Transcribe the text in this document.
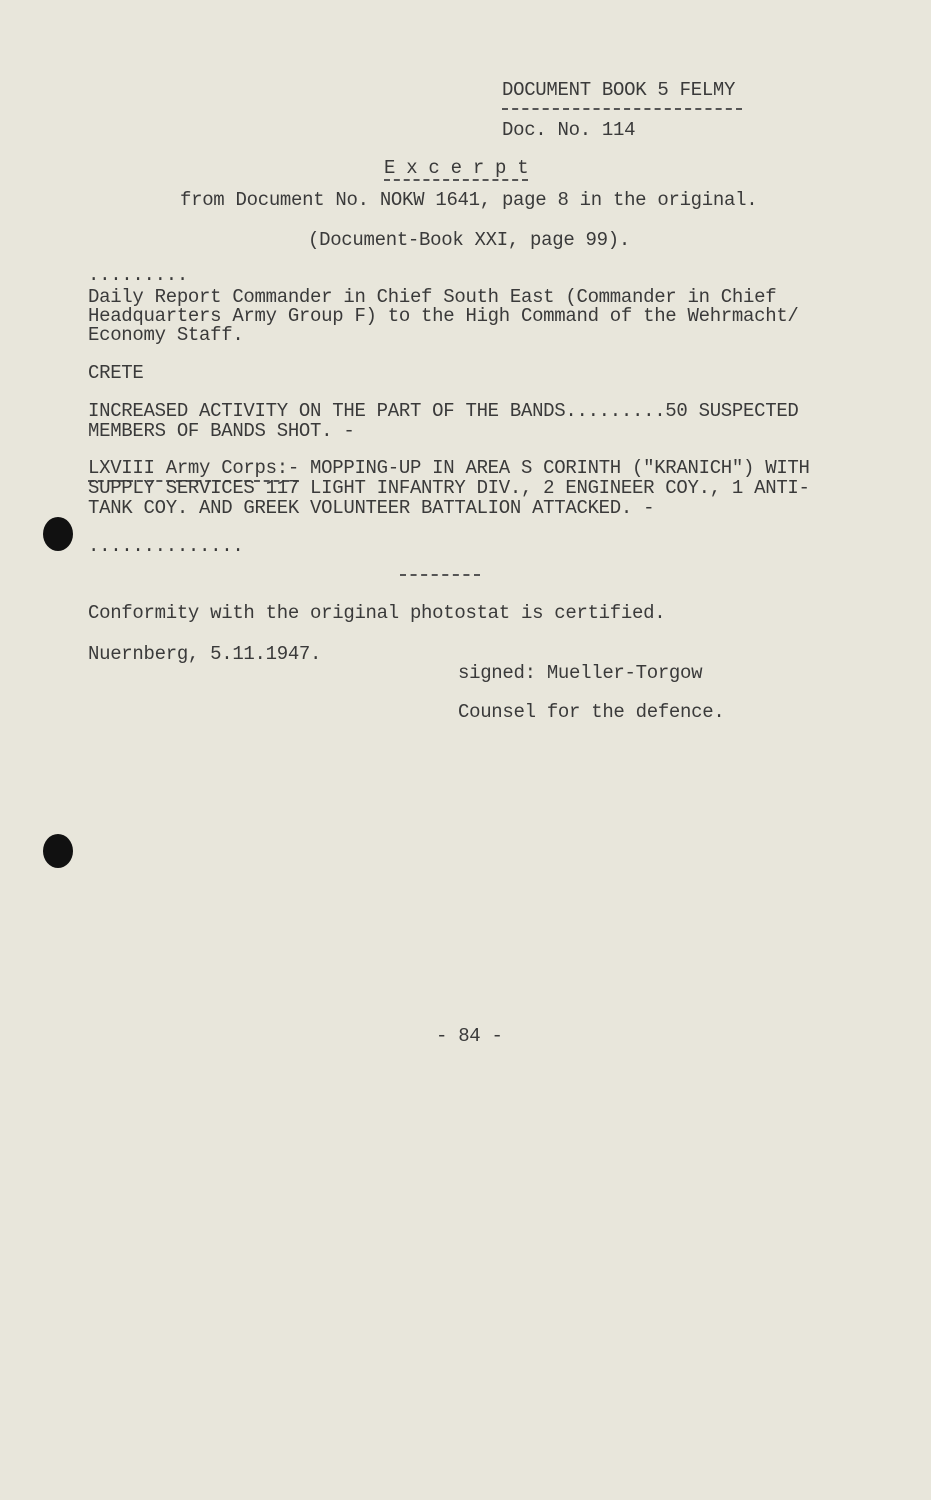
DOCUMENT BOOK 5 FELMY
Doc. No. 114
E x c e r p t
from Document No. NOKW 1641, page 8 in the original.
(Document-Book XXI, page 99).
.........
Daily Report Commander in Chief South East (Commander in Chief
Headquarters Army Group F) to the High Command of the Wehrmacht/
Economy Staff.
CRETE
INCREASED ACTIVITY ON THE PART OF THE BANDS.........50 SUSPECTED
MEMBERS OF BANDS SHOT. -
LXVIII Army Corps:- MOPPING-UP IN AREA S CORINTH ("KRANICH") WITH
SUPPLY SERVICES 117 LIGHT INFANTRY DIV., 2 ENGINEER COY., 1 ANTI-
TANK COY. AND GREEK VOLUNTEER BATTALION ATTACKED. -
..............
Conformity with the original photostat is certified.
Nuernberg, 5.11.1947.
signed: Mueller-Torgow
Counsel for the defence.
- 84 -
